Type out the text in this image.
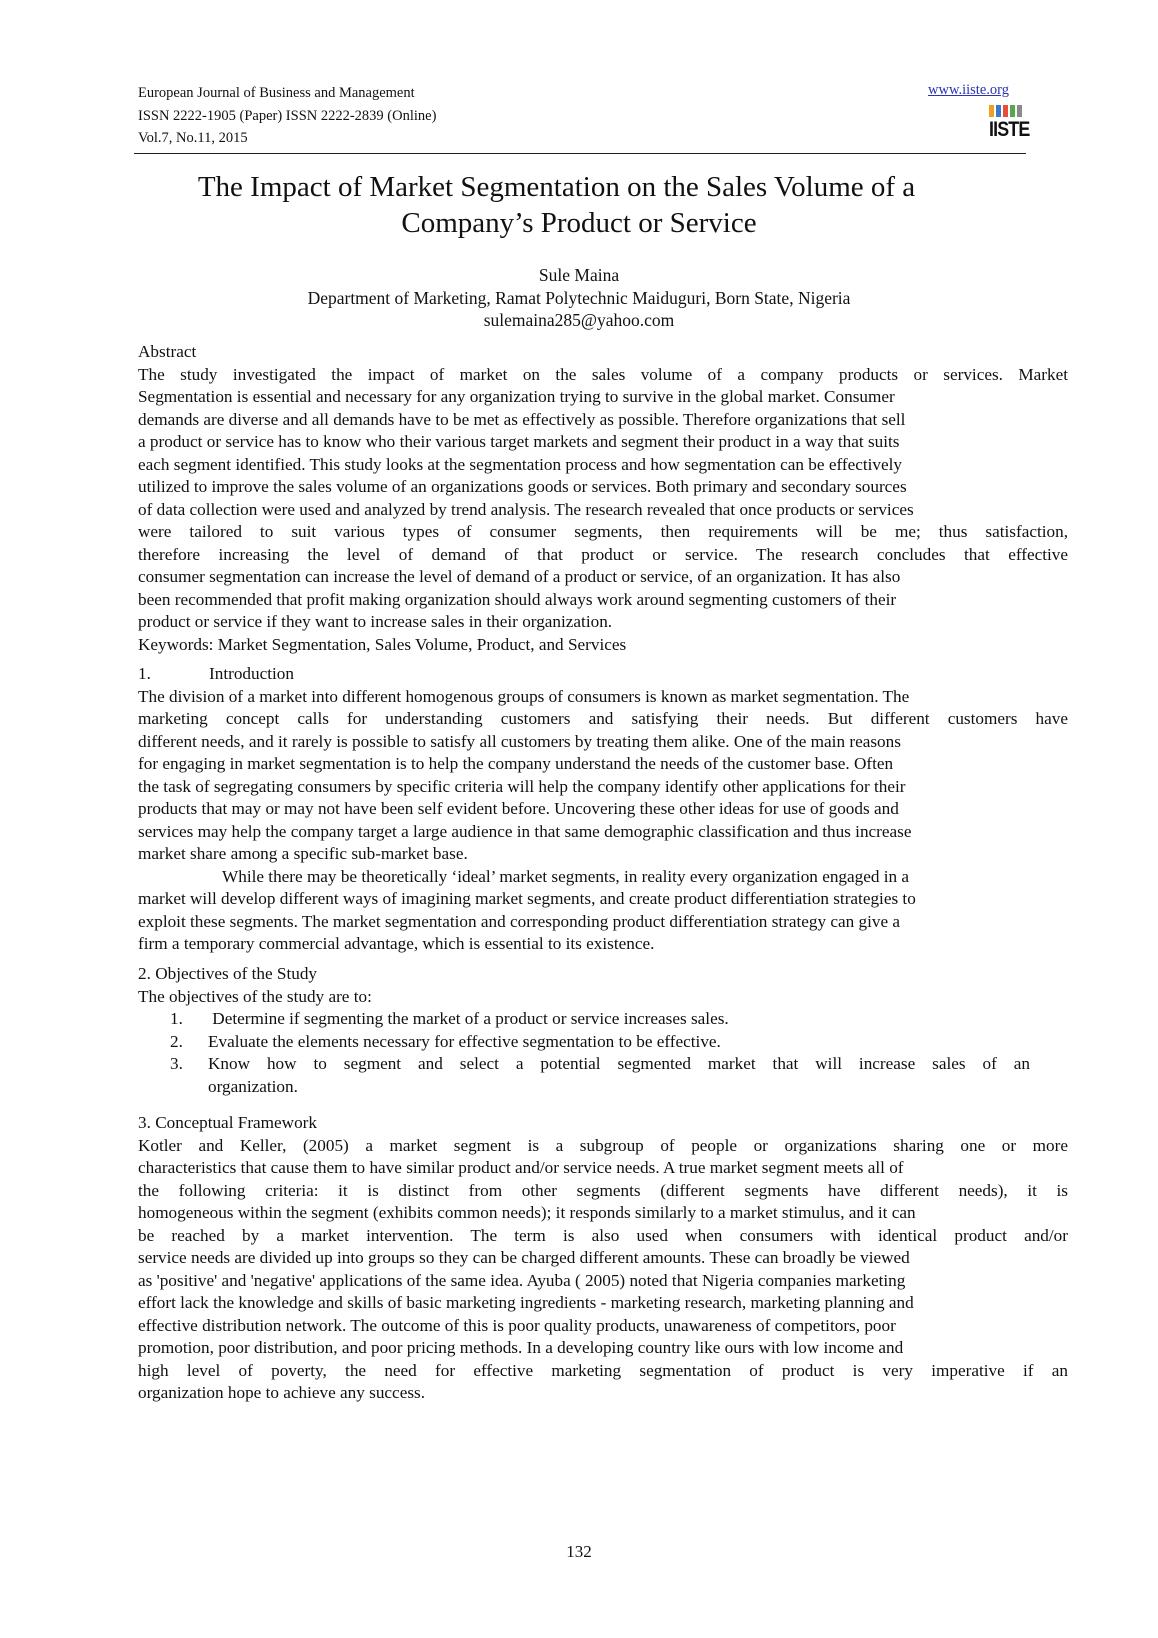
European Journal of Business and Management
ISSN 2222-1905 (Paper) ISSN 2222-2839 (Online)
Vol.7, No.11, 2015
www.iiste.org
IISTE
The Impact of Market Segmentation on the Sales Volume of a
Company’s Product or Service
Sule Maina
Department of Marketing, Ramat Polytechnic Maiduguri, Born State, Nigeria
sulemaina285@yahoo.com
Abstract
The study investigated the impact of market on the sales volume of a company products or services. Market
Segmentation is essential and necessary for any organization trying to survive in the global market. Consumer
demands are diverse and all demands have to be met as effectively as possible. Therefore organizations that sell
a product or service has to know who their various target markets and segment their product in a way that suits
each segment identified. This study looks at the segmentation process and how segmentation can be effectively
utilized to improve the sales volume of an organizations goods or services. Both primary and secondary sources
of data collection were used and analyzed by trend analysis. The research revealed that once products or services
were tailored to suit various types of consumer segments, then requirements will be me; thus satisfaction,
therefore increasing the level of demand of that product or service. The research concludes that effective
consumer segmentation can increase the level of demand of a product or service, of an organization. It has also
been recommended that profit making organization should always work around segmenting customers of their
product or service if they want to increase sales in their organization.
Keywords: Market Segmentation, Sales Volume, Product, and Services
1.	Introduction
The division of a market into different homogenous groups of consumers is known as market segmentation. The
marketing concept calls for understanding customers and satisfying their needs. But different customers have
different needs, and it rarely is possible to satisfy all customers by treating them alike. One of the main reasons
for engaging in market segmentation is to help the company understand the needs of the customer base. Often
the task of segregating consumers by specific criteria will help the company identify other applications for their
products that may or may not have been self evident before. Uncovering these other ideas for use of goods and
services may help the company target a large audience in that same demographic classification and thus increase
market share among a specific sub-market base.
While there may be theoretically ‘ideal’ market segments, in reality every organization engaged in a
market will develop different ways of imagining market segments, and create product differentiation strategies to
exploit these segments. The market segmentation and corresponding product differentiation strategy can give a
firm a temporary commercial advantage, which is essential to its existence.
2. Objectives of the Study
The objectives of the study are to:
1.	Determine if segmenting the market of a product or service increases sales.
2.	Evaluate the elements necessary for effective segmentation to be effective.
3.	Know how to segment and select a potential segmented market that will increase sales of an
organization.
3. Conceptual Framework
Kotler and Keller, (2005) a market segment is a subgroup of people or organizations sharing one or more
characteristics that cause them to have similar product and/or service needs. A true market segment meets all of
the following criteria: it is distinct from other segments (different segments have different needs), it is
homogeneous within the segment (exhibits common needs); it responds similarly to a market stimulus, and it can
be reached by a market intervention. The term is also used when consumers with identical product and/or
service needs are divided up into groups so they can be charged different amounts. These can broadly be viewed
as 'positive' and 'negative' applications of the same idea. Ayuba ( 2005) noted that Nigeria companies marketing
effort lack the knowledge and skills of basic marketing ingredients - marketing research, marketing planning and
effective distribution network. The outcome of this is poor quality products, unawareness of competitors, poor
promotion, poor distribution, and poor pricing methods. In a developing country like ours with low income and
high level of poverty, the need for effective marketing segmentation of product is very imperative if an
organization hope to achieve any success.
132
